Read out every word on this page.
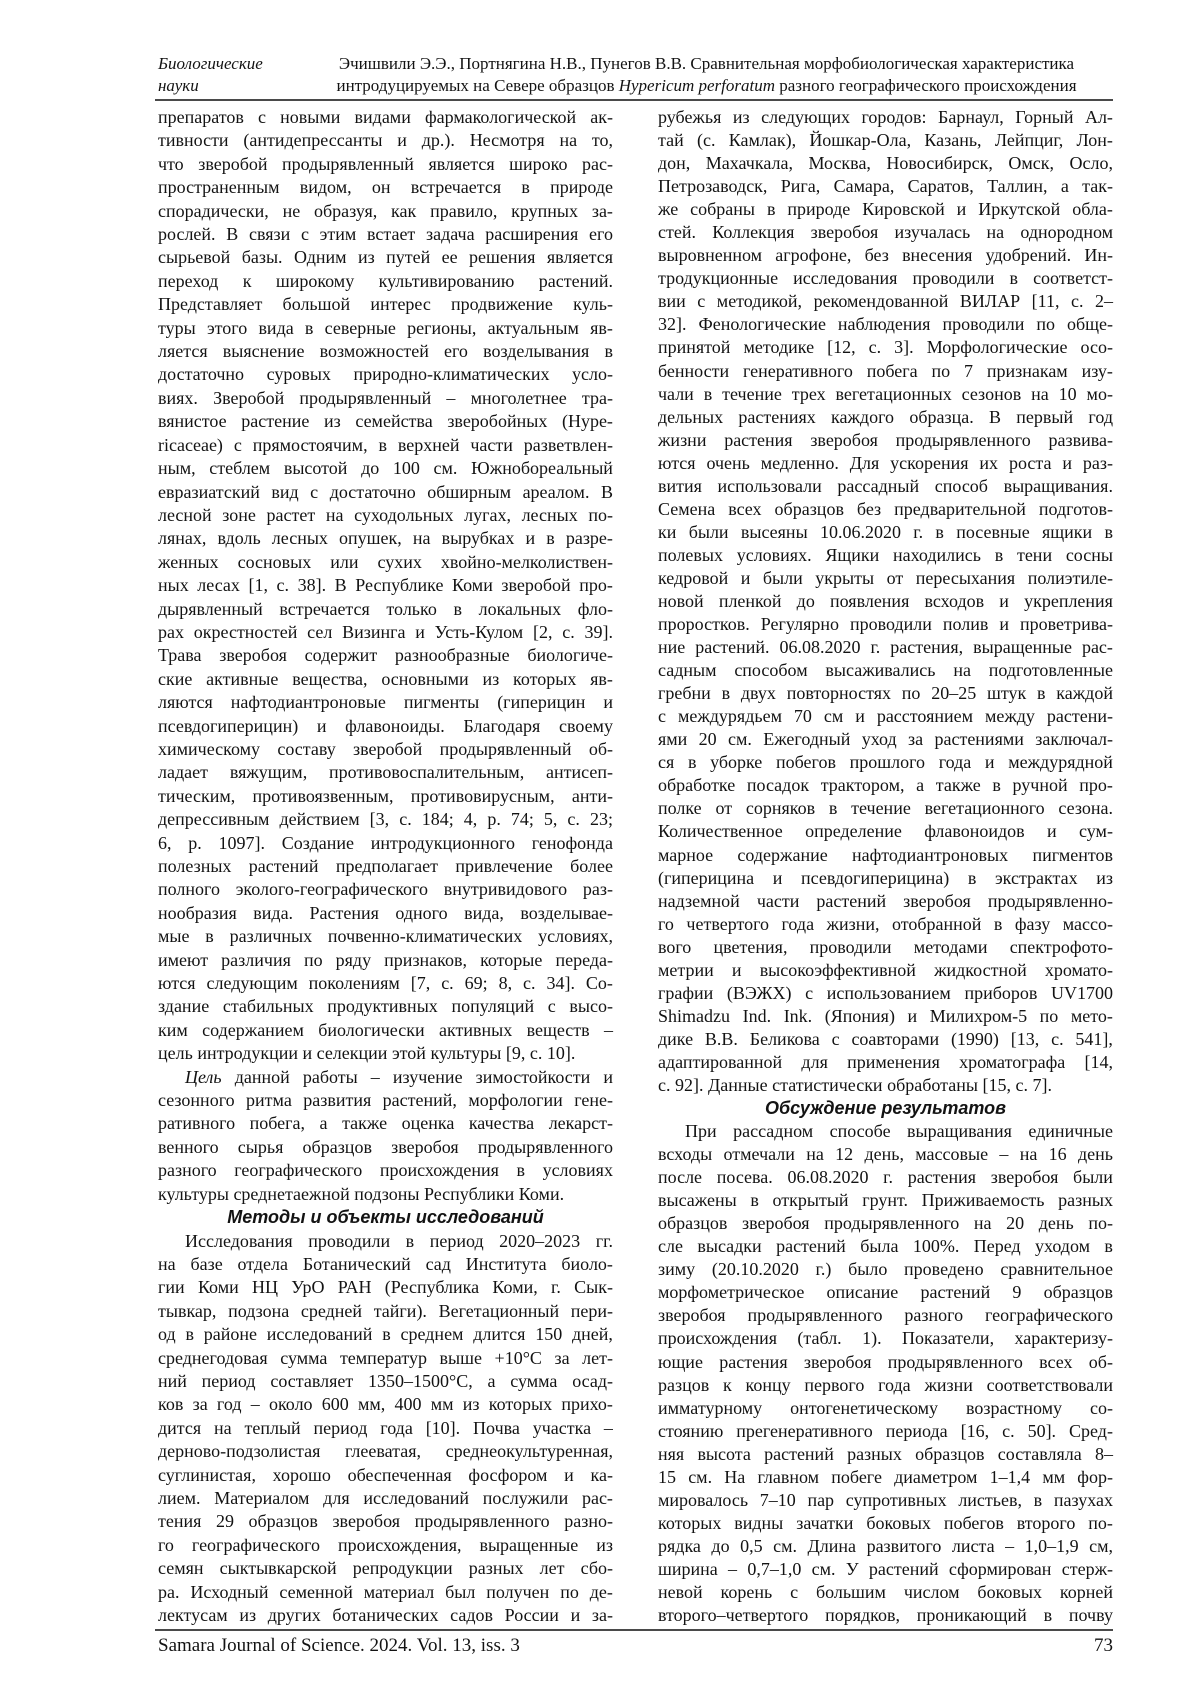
Биологические
науки
Эчишвили Э.Э., Портнягина Н.В., Пунегов В.В. Сравнительная морфобиологическая характеристика
интродуцируемых на Севере образцов Hypericum perforatum разного географического происхождения
препаратов с новыми видами фармакологической ак-
тивности (антидепрессанты и др.). Несмотря на то,
что зверобой продырявленный является широко рас-
пространенным видом, он встречается в природе
спорадически, не образуя, как правило, крупных за-
рослей. В связи с этим встает задача расширения его
сырьевой базы. Одним из путей ее решения является
переход к широкому культивированию растений.
Представляет большой интерес продвижение куль-
туры этого вида в северные регионы, актуальным яв-
ляется выяснение возможностей его возделывания в
достаточно суровых природно-климатических усло-
виях. Зверобой продырявленный – многолетнее тра-
вянистое растение из семейства зверобойных (Hype-
ricaceae) с прямостоячим, в верхней части разветвлен-
ным, стеблем высотой до 100 см. Южнобореальный
евразиатский вид с достаточно обширным ареалом. В
лесной зоне растет на суходольных лугах, лесных по-
лянах, вдоль лесных опушек, на вырубках и в разре-
женных сосновых или сухих хвойно-мелколиствен-
ных лесах [1, с. 38]. В Республике Коми зверобой про-
дырявленный встречается только в локальных фло-
рах окрестностей сел Визинга и Усть-Кулом [2, с. 39].
Трава зверобоя содержит разнообразные биологиче-
ские активные вещества, основными из которых яв-
ляются нафтодиантроновые пигменты (гиперицин и
псевдогиперицин) и флавоноиды. Благодаря своему
химическому составу зверобой продырявленный об-
ладает вяжущим, противовоспалительным, антисеп-
тическим, противоязвенным, противовирусным, анти-
депрессивным действием [3, с. 184; 4, p. 74; 5, с. 23;
6, p. 1097]. Создание интродукционного генофонда
полезных растений предполагает привлечение более
полного эколого-географического внутривидового раз-
нообразия вида. Растения одного вида, возделывае-
мые в различных почвенно-климатических условиях,
имеют различия по ряду признаков, которые переда-
ются следующим поколениям [7, с. 69; 8, с. 34]. Со-
здание стабильных продуктивных популяций с высо-
ким содержанием биологически активных веществ –
цель интродукции и селекции этой культуры [9, с. 10].
Цель данной работы – изучение зимостойкости и
сезонного ритма развития растений, морфологии гене-
ративного побега, а также оценка качества лекарст-
венного сырья образцов зверобоя продырявленного
разного географического происхождения в условиях
культуры среднетаежной подзоны Республики Коми.
Методы и объекты исследований
Исследования проводили в период 2020–2023 гг.
на базе отдела Ботанический сад Института биоло-
гии Коми НЦ УрО РАН (Республика Коми, г. Сык-
тывкар, подзона средней тайги). Вегетационный пери-
од в районе исследований в среднем длится 150 дней,
среднегодовая сумма температур выше +10°С за лет-
ний период составляет 1350–1500°С, а сумма осад-
ков за год – около 600 мм, 400 мм из которых прихо-
дится на теплый период года [10]. Почва участка –
дерново-подзолистая глееватая, среднеокультуренная,
суглинистая, хорошо обеспеченная фосфором и ка-
лием. Материалом для исследований послужили рас-
тения 29 образцов зверобоя продырявленного разно-
го географического происхождения, выращенные из
семян сыктывкарской репродукции разных лет сбо-
ра. Исходный семенной материал был получен по де-
лектусам из других ботанических садов России и за-
рубежья из следующих городов: Барнаул, Горный Ал-
тай (с. Камлак), Йошкар-Ола, Казань, Лейпциг, Лон-
дон, Махачкала, Москва, Новосибирск, Омск, Осло,
Петрозаводск, Рига, Самара, Саратов, Таллин, а так-
же собраны в природе Кировской и Иркутской обла-
стей. Коллекция зверобоя изучалась на однородном
выровненном агрофоне, без внесения удобрений. Ин-
тродукционные исследования проводили в соответст-
вии с методикой, рекомендованной ВИЛАР [11, с. 2–
32]. Фенологические наблюдения проводили по обще-
принятой методике [12, с. 3]. Морфологические осо-
бенности генеративного побега по 7 признакам изу-
чали в течение трех вегетационных сезонов на 10 мо-
дельных растениях каждого образца. В первый год
жизни растения зверобоя продырявленного развива-
ются очень медленно. Для ускорения их роста и раз-
вития использовали рассадный способ выращивания.
Семена всех образцов без предварительной подготов-
ки были высеяны 10.06.2020 г. в посевные ящики в
полевых условиях. Ящики находились в тени сосны
кедровой и были укрыты от пересыхания полиэтиле-
новой пленкой до появления всходов и укрепления
проростков. Регулярно проводили полив и проветрива-
ние растений. 06.08.2020 г. растения, выращенные рас-
садным способом высаживались на подготовленные
гребни в двух повторностях по 20–25 штук в каждой
с междурядьем 70 см и расстоянием между растени-
ями 20 см. Ежегодный уход за растениями заключал-
ся в уборке побегов прошлого года и междурядной
обработке посадок трактором, а также в ручной про-
полке от сорняков в течение вегетационного сезона.
Количественное определение флавоноидов и сум-
марное содержание нафтодиантроновых пигментов
(гиперицина и псевдогиперицина) в экстрактах из
надземной части растений зверобоя продырявленно-
го четвертого года жизни, отобранной в фазу массо-
вого цветения, проводили методами спектрофото-
метрии и высокоэффективной жидкостной хромато-
графии (ВЭЖХ) с использованием приборов UV1700
Shimadzu Ind. Ink. (Япония) и Милихром-5 по мето-
дике В.В. Беликова с соавторами (1990) [13, с. 541],
адаптированной для применения хроматографа [14,
с. 92]. Данные статистически обработаны [15, с. 7].
Обсуждение результатов
При рассадном способе выращивания единичные
всходы отмечали на 12 день, массовые – на 16 день
после посева. 06.08.2020 г. растения зверобоя были
высажены в открытый грунт. Приживаемость разных
образцов зверобоя продырявленного на 20 день по-
сле высадки растений была 100%. Перед уходом в
зиму (20.10.2020 г.) было проведено сравнительное
морфометрическое описание растений 9 образцов
зверобоя продырявленного разного географического
происхождения (табл. 1). Показатели, характеризу-
ющие растения зверобоя продырявленного всех об-
разцов к концу первого года жизни соответствовали
имматурному онтогенетическому возрастному со-
стоянию прегенеративного периода [16, с. 50]. Сред-
няя высота растений разных образцов составляла 8–
15 см. На главном побеге диаметром 1–1,4 мм фор-
мировалось 7–10 пар супротивных листьев, в пазухах
которых видны зачатки боковых побегов второго по-
рядка до 0,5 см. Длина развитого листа – 1,0–1,9 см,
ширина – 0,7–1,0 см. У растений сформирован стерж-
невой корень с большим числом боковых корней
второго–четвертого порядков, проникающий в почву
Samara Journal of Science. 2024. Vol. 13, iss. 3	73
